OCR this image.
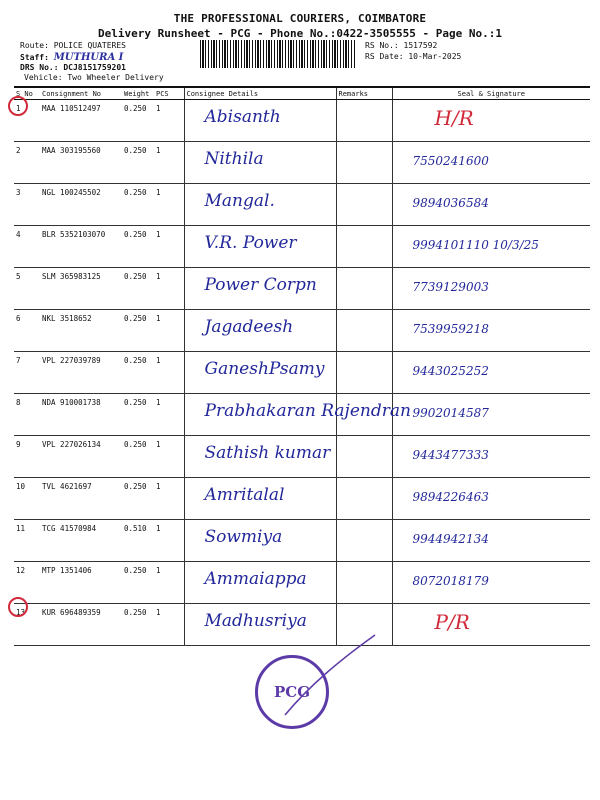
THE PROFESSIONAL COURIERS, COIMBATORE
Delivery Runsheet - PCG - Phone No.:0422-3505555 - Page No.:1
Route: POLICE QUATERES
Staff: MUTHURA I
DRS No.: DCJ8151759201
Vehicle: Two Wheeler Delivery
RS No.: 1517592
RS Date: 10-Mar-2025
S No	Consignment No	Weight	PCS	Consignee Details	Remarks	Seal & Signature
1	MAA 110512497	0.250	1	Abisanth		H/R
2	MAA 303195560	0.250	1	Nithila		7550241600
3	NGL 100245502	0.250	1	Mangal.		9894036584
4	BLR 5352103070	0.250	1	V.R. Power		9994101110 10/3/25
5	SLM 365983125	0.250	1	Power Corpn		7739129003
6	NKL 3518652	0.250	1	Jagadeesh		7539959218
7	VPL 227039789	0.250	1	GaneshPsamy		9443025252
8	NDA 910001738	0.250	1	Prabhakaran Rajendran		9902014587
9	VPL 227026134	0.250	1	Sathish kumar		9443477333
10	TVL 4621697	0.250	1	Amritalal		9894226463
11	TCG 41570984	0.510	1	Sowmiya		9944942134
12	MTP 1351406	0.250	1	Ammaiappa		8072018179
13	KUR 696489359	0.250	1	Madhusriya		P/R
PCG
